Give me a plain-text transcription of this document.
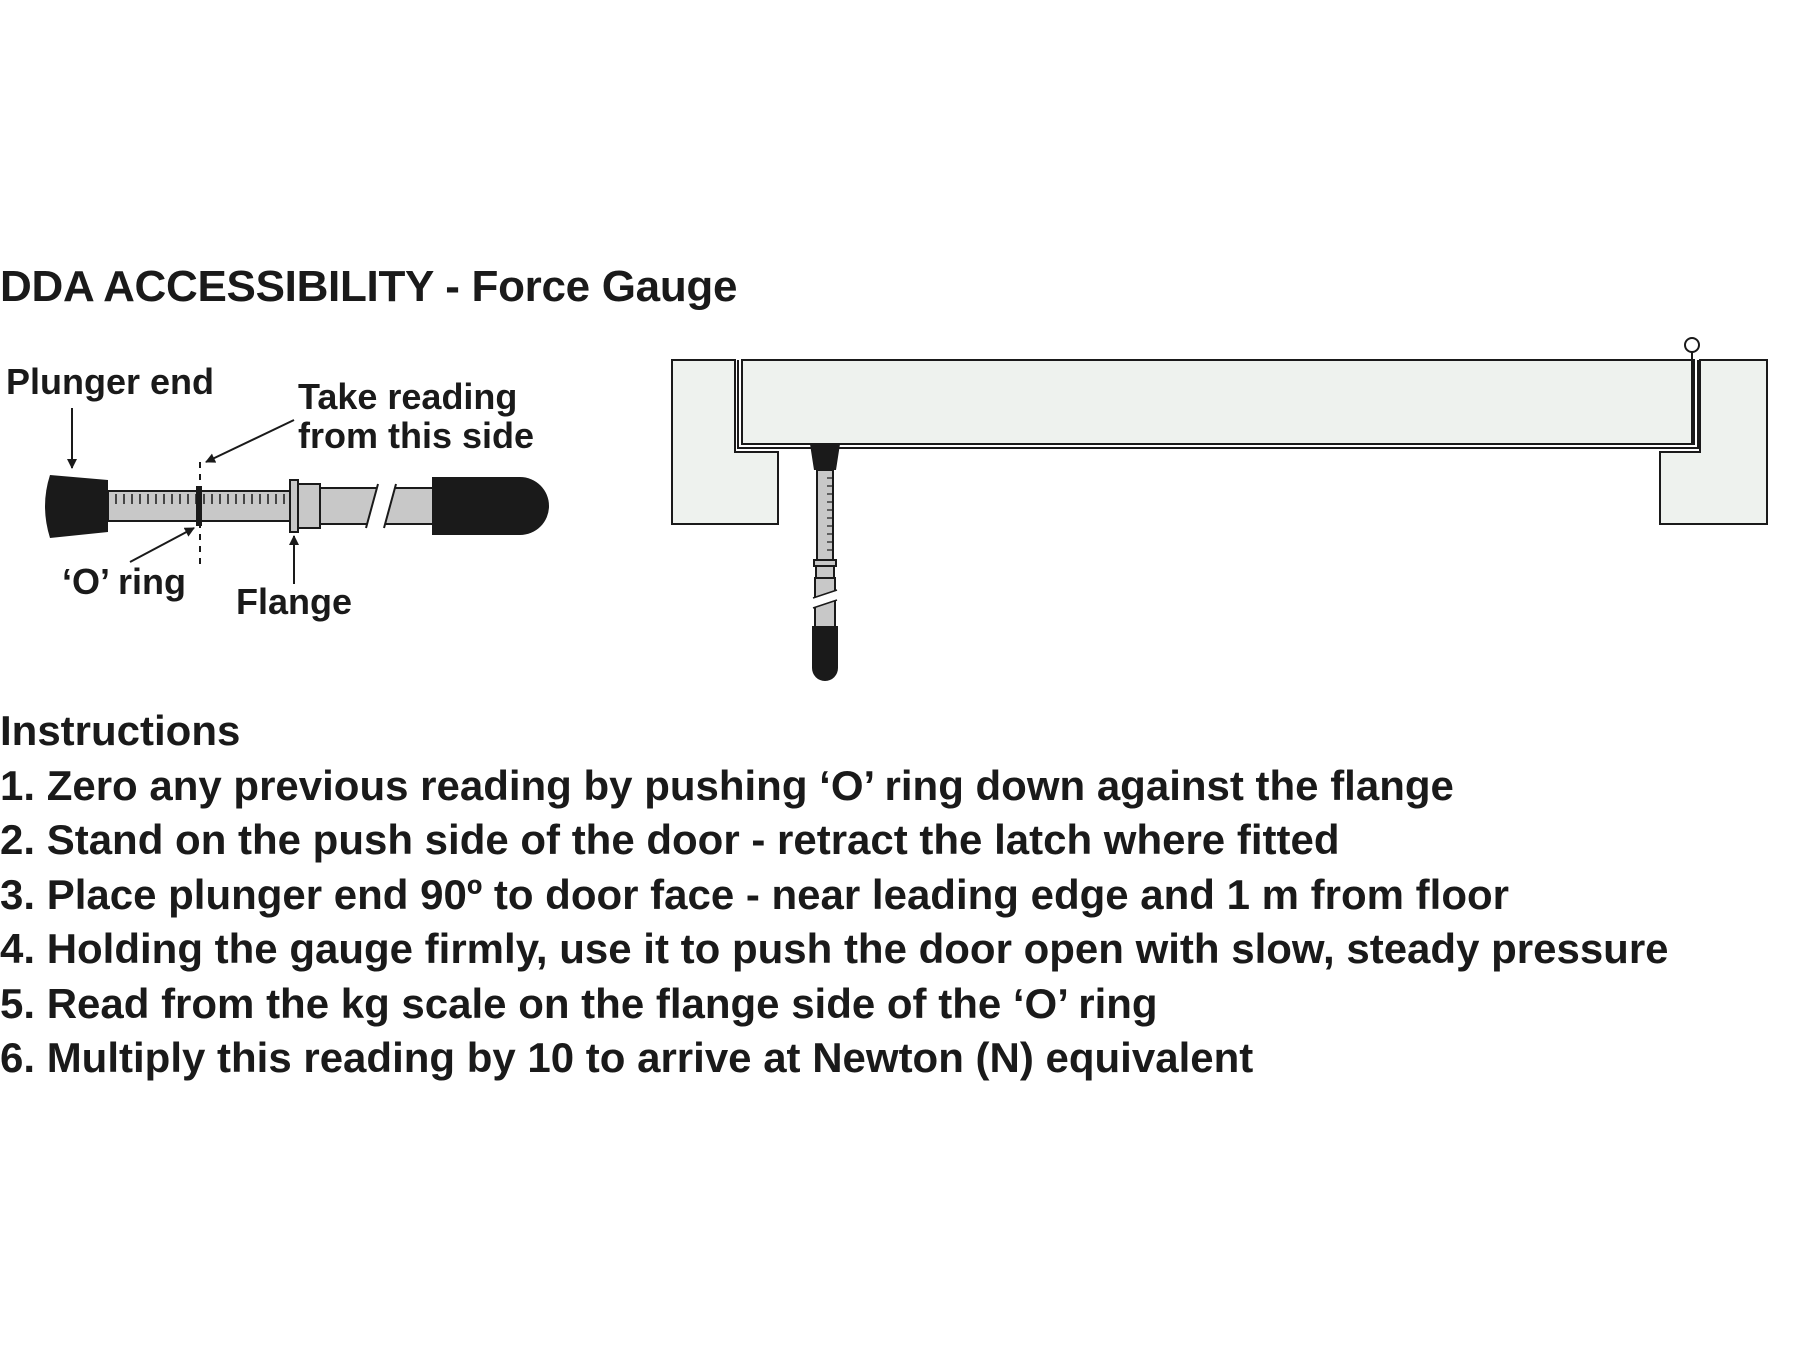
DDA ACCESSIBILITY - Force Gauge
Plunger end Take reading
from this side
‘O’ ring Flange
Instructions
1. Zero any previous reading by pushing ‘O’ ring down against the flange
2. Stand on the push side of the door - retract the latch where fitted
3. Place plunger end 90º to door face - near leading edge and 1 m from floor
4. Holding the gauge firmly, use it to push the door open with slow, steady pressure
5. Read from the kg scale on the flange side of the ‘O’ ring
6. Multiply this reading by 10 to arrive at Newton (N) equivalent
